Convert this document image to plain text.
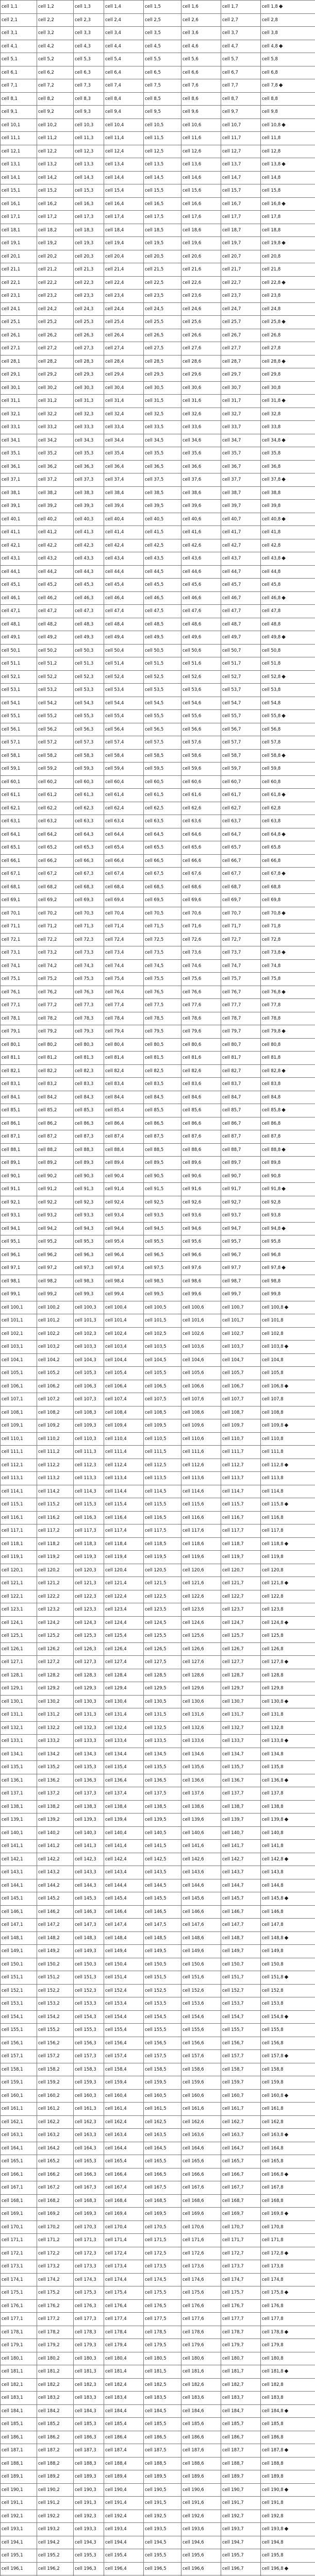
cell 1,1	cell 1,2	cell 1,3	cell 1,4	cell 1,5	cell 1,6	cell 1,7	cell 1,8 ◆
cell 2,1	cell 2,2	cell 2,3	cell 2,4	cell 2,5	cell 2,6	cell 2,7	cell 2,8
cell 3,1	cell 3,2	cell 3,3	cell 3,4	cell 3,5	cell 3,6	cell 3,7	cell 3,8
cell 4,1	cell 4,2	cell 4,3	cell 4,4	cell 4,5	cell 4,6	cell 4,7	cell 4,8 ◆
cell 5,1	cell 5,2	cell 5,3	cell 5,4	cell 5,5	cell 5,6	cell 5,7	cell 5,8
cell 6,1	cell 6,2	cell 6,3	cell 6,4	cell 6,5	cell 6,6	cell 6,7	cell 6,8
cell 7,1	cell 7,2	cell 7,3	cell 7,4	cell 7,5	cell 7,6	cell 7,7	cell 7,8 ◆
cell 8,1	cell 8,2	cell 8,3	cell 8,4	cell 8,5	cell 8,6	cell 8,7	cell 8,8
cell 9,1	cell 9,2	cell 9,3	cell 9,4	cell 9,5	cell 9,6	cell 9,7	cell 9,8
cell 10,1	cell 10,2	cell 10,3	cell 10,4	cell 10,5	cell 10,6	cell 10,7	cell 10,8 ◆
cell 11,1	cell 11,2	cell 11,3	cell 11,4	cell 11,5	cell 11,6	cell 11,7	cell 11,8
cell 12,1	cell 12,2	cell 12,3	cell 12,4	cell 12,5	cell 12,6	cell 12,7	cell 12,8
cell 13,1	cell 13,2	cell 13,3	cell 13,4	cell 13,5	cell 13,6	cell 13,7	cell 13,8 ◆
cell 14,1	cell 14,2	cell 14,3	cell 14,4	cell 14,5	cell 14,6	cell 14,7	cell 14,8
cell 15,1	cell 15,2	cell 15,3	cell 15,4	cell 15,5	cell 15,6	cell 15,7	cell 15,8
cell 16,1	cell 16,2	cell 16,3	cell 16,4	cell 16,5	cell 16,6	cell 16,7	cell 16,8 ◆
cell 17,1	cell 17,2	cell 17,3	cell 17,4	cell 17,5	cell 17,6	cell 17,7	cell 17,8
cell 18,1	cell 18,2	cell 18,3	cell 18,4	cell 18,5	cell 18,6	cell 18,7	cell 18,8
cell 19,1	cell 19,2	cell 19,3	cell 19,4	cell 19,5	cell 19,6	cell 19,7	cell 19,8 ◆
cell 20,1	cell 20,2	cell 20,3	cell 20,4	cell 20,5	cell 20,6	cell 20,7	cell 20,8
cell 21,1	cell 21,2	cell 21,3	cell 21,4	cell 21,5	cell 21,6	cell 21,7	cell 21,8
cell 22,1	cell 22,2	cell 22,3	cell 22,4	cell 22,5	cell 22,6	cell 22,7	cell 22,8 ◆
cell 23,1	cell 23,2	cell 23,3	cell 23,4	cell 23,5	cell 23,6	cell 23,7	cell 23,8
cell 24,1	cell 24,2	cell 24,3	cell 24,4	cell 24,5	cell 24,6	cell 24,7	cell 24,8
cell 25,1	cell 25,2	cell 25,3	cell 25,4	cell 25,5	cell 25,6	cell 25,7	cell 25,8 ◆
cell 26,1	cell 26,2	cell 26,3	cell 26,4	cell 26,5	cell 26,6	cell 26,7	cell 26,8
cell 27,1	cell 27,2	cell 27,3	cell 27,4	cell 27,5	cell 27,6	cell 27,7	cell 27,8
cell 28,1	cell 28,2	cell 28,3	cell 28,4	cell 28,5	cell 28,6	cell 28,7	cell 28,8 ◆
cell 29,1	cell 29,2	cell 29,3	cell 29,4	cell 29,5	cell 29,6	cell 29,7	cell 29,8
cell 30,1	cell 30,2	cell 30,3	cell 30,4	cell 30,5	cell 30,6	cell 30,7	cell 30,8
cell 31,1	cell 31,2	cell 31,3	cell 31,4	cell 31,5	cell 31,6	cell 31,7	cell 31,8 ◆
cell 32,1	cell 32,2	cell 32,3	cell 32,4	cell 32,5	cell 32,6	cell 32,7	cell 32,8
cell 33,1	cell 33,2	cell 33,3	cell 33,4	cell 33,5	cell 33,6	cell 33,7	cell 33,8
cell 34,1	cell 34,2	cell 34,3	cell 34,4	cell 34,5	cell 34,6	cell 34,7	cell 34,8 ◆
cell 35,1	cell 35,2	cell 35,3	cell 35,4	cell 35,5	cell 35,6	cell 35,7	cell 35,8
cell 36,1	cell 36,2	cell 36,3	cell 36,4	cell 36,5	cell 36,6	cell 36,7	cell 36,8
cell 37,1	cell 37,2	cell 37,3	cell 37,4	cell 37,5	cell 37,6	cell 37,7	cell 37,8 ◆
cell 38,1	cell 38,2	cell 38,3	cell 38,4	cell 38,5	cell 38,6	cell 38,7	cell 38,8
cell 39,1	cell 39,2	cell 39,3	cell 39,4	cell 39,5	cell 39,6	cell 39,7	cell 39,8
cell 40,1	cell 40,2	cell 40,3	cell 40,4	cell 40,5	cell 40,6	cell 40,7	cell 40,8 ◆
cell 41,1	cell 41,2	cell 41,3	cell 41,4	cell 41,5	cell 41,6	cell 41,7	cell 41,8
cell 42,1	cell 42,2	cell 42,3	cell 42,4	cell 42,5	cell 42,6	cell 42,7	cell 42,8
cell 43,1	cell 43,2	cell 43,3	cell 43,4	cell 43,5	cell 43,6	cell 43,7	cell 43,8 ◆
cell 44,1	cell 44,2	cell 44,3	cell 44,4	cell 44,5	cell 44,6	cell 44,7	cell 44,8
cell 45,1	cell 45,2	cell 45,3	cell 45,4	cell 45,5	cell 45,6	cell 45,7	cell 45,8
cell 46,1	cell 46,2	cell 46,3	cell 46,4	cell 46,5	cell 46,6	cell 46,7	cell 46,8 ◆
cell 47,1	cell 47,2	cell 47,3	cell 47,4	cell 47,5	cell 47,6	cell 47,7	cell 47,8
cell 48,1	cell 48,2	cell 48,3	cell 48,4	cell 48,5	cell 48,6	cell 48,7	cell 48,8
cell 49,1	cell 49,2	cell 49,3	cell 49,4	cell 49,5	cell 49,6	cell 49,7	cell 49,8 ◆
cell 50,1	cell 50,2	cell 50,3	cell 50,4	cell 50,5	cell 50,6	cell 50,7	cell 50,8
cell 51,1	cell 51,2	cell 51,3	cell 51,4	cell 51,5	cell 51,6	cell 51,7	cell 51,8
cell 52,1	cell 52,2	cell 52,3	cell 52,4	cell 52,5	cell 52,6	cell 52,7	cell 52,8 ◆
cell 53,1	cell 53,2	cell 53,3	cell 53,4	cell 53,5	cell 53,6	cell 53,7	cell 53,8
cell 54,1	cell 54,2	cell 54,3	cell 54,4	cell 54,5	cell 54,6	cell 54,7	cell 54,8
cell 55,1	cell 55,2	cell 55,3	cell 55,4	cell 55,5	cell 55,6	cell 55,7	cell 55,8 ◆
cell 56,1	cell 56,2	cell 56,3	cell 56,4	cell 56,5	cell 56,6	cell 56,7	cell 56,8
cell 57,1	cell 57,2	cell 57,3	cell 57,4	cell 57,5	cell 57,6	cell 57,7	cell 57,8
cell 58,1	cell 58,2	cell 58,3	cell 58,4	cell 58,5	cell 58,6	cell 58,7	cell 58,8 ◆
cell 59,1	cell 59,2	cell 59,3	cell 59,4	cell 59,5	cell 59,6	cell 59,7	cell 59,8
cell 60,1	cell 60,2	cell 60,3	cell 60,4	cell 60,5	cell 60,6	cell 60,7	cell 60,8
cell 61,1	cell 61,2	cell 61,3	cell 61,4	cell 61,5	cell 61,6	cell 61,7	cell 61,8 ◆
cell 62,1	cell 62,2	cell 62,3	cell 62,4	cell 62,5	cell 62,6	cell 62,7	cell 62,8
cell 63,1	cell 63,2	cell 63,3	cell 63,4	cell 63,5	cell 63,6	cell 63,7	cell 63,8
cell 64,1	cell 64,2	cell 64,3	cell 64,4	cell 64,5	cell 64,6	cell 64,7	cell 64,8 ◆
cell 65,1	cell 65,2	cell 65,3	cell 65,4	cell 65,5	cell 65,6	cell 65,7	cell 65,8
cell 66,1	cell 66,2	cell 66,3	cell 66,4	cell 66,5	cell 66,6	cell 66,7	cell 66,8
cell 67,1	cell 67,2	cell 67,3	cell 67,4	cell 67,5	cell 67,6	cell 67,7	cell 67,8 ◆
cell 68,1	cell 68,2	cell 68,3	cell 68,4	cell 68,5	cell 68,6	cell 68,7	cell 68,8
cell 69,1	cell 69,2	cell 69,3	cell 69,4	cell 69,5	cell 69,6	cell 69,7	cell 69,8
cell 70,1	cell 70,2	cell 70,3	cell 70,4	cell 70,5	cell 70,6	cell 70,7	cell 70,8 ◆
cell 71,1	cell 71,2	cell 71,3	cell 71,4	cell 71,5	cell 71,6	cell 71,7	cell 71,8
cell 72,1	cell 72,2	cell 72,3	cell 72,4	cell 72,5	cell 72,6	cell 72,7	cell 72,8
cell 73,1	cell 73,2	cell 73,3	cell 73,4	cell 73,5	cell 73,6	cell 73,7	cell 73,8 ◆
cell 74,1	cell 74,2	cell 74,3	cell 74,4	cell 74,5	cell 74,6	cell 74,7	cell 74,8
cell 75,1	cell 75,2	cell 75,3	cell 75,4	cell 75,5	cell 75,6	cell 75,7	cell 75,8
cell 76,1	cell 76,2	cell 76,3	cell 76,4	cell 76,5	cell 76,6	cell 76,7	cell 76,8 ◆
cell 77,1	cell 77,2	cell 77,3	cell 77,4	cell 77,5	cell 77,6	cell 77,7	cell 77,8
cell 78,1	cell 78,2	cell 78,3	cell 78,4	cell 78,5	cell 78,6	cell 78,7	cell 78,8
cell 79,1	cell 79,2	cell 79,3	cell 79,4	cell 79,5	cell 79,6	cell 79,7	cell 79,8 ◆
cell 80,1	cell 80,2	cell 80,3	cell 80,4	cell 80,5	cell 80,6	cell 80,7	cell 80,8
cell 81,1	cell 81,2	cell 81,3	cell 81,4	cell 81,5	cell 81,6	cell 81,7	cell 81,8
cell 82,1	cell 82,2	cell 82,3	cell 82,4	cell 82,5	cell 82,6	cell 82,7	cell 82,8 ◆
cell 83,1	cell 83,2	cell 83,3	cell 83,4	cell 83,5	cell 83,6	cell 83,7	cell 83,8
cell 84,1	cell 84,2	cell 84,3	cell 84,4	cell 84,5	cell 84,6	cell 84,7	cell 84,8
cell 85,1	cell 85,2	cell 85,3	cell 85,4	cell 85,5	cell 85,6	cell 85,7	cell 85,8 ◆
cell 86,1	cell 86,2	cell 86,3	cell 86,4	cell 86,5	cell 86,6	cell 86,7	cell 86,8
cell 87,1	cell 87,2	cell 87,3	cell 87,4	cell 87,5	cell 87,6	cell 87,7	cell 87,8
cell 88,1	cell 88,2	cell 88,3	cell 88,4	cell 88,5	cell 88,6	cell 88,7	cell 88,8 ◆
cell 89,1	cell 89,2	cell 89,3	cell 89,4	cell 89,5	cell 89,6	cell 89,7	cell 89,8
cell 90,1	cell 90,2	cell 90,3	cell 90,4	cell 90,5	cell 90,6	cell 90,7	cell 90,8
cell 91,1	cell 91,2	cell 91,3	cell 91,4	cell 91,5	cell 91,6	cell 91,7	cell 91,8 ◆
cell 92,1	cell 92,2	cell 92,3	cell 92,4	cell 92,5	cell 92,6	cell 92,7	cell 92,8
cell 93,1	cell 93,2	cell 93,3	cell 93,4	cell 93,5	cell 93,6	cell 93,7	cell 93,8
cell 94,1	cell 94,2	cell 94,3	cell 94,4	cell 94,5	cell 94,6	cell 94,7	cell 94,8 ◆
cell 95,1	cell 95,2	cell 95,3	cell 95,4	cell 95,5	cell 95,6	cell 95,7	cell 95,8
cell 96,1	cell 96,2	cell 96,3	cell 96,4	cell 96,5	cell 96,6	cell 96,7	cell 96,8
cell 97,1	cell 97,2	cell 97,3	cell 97,4	cell 97,5	cell 97,6	cell 97,7	cell 97,8 ◆
cell 98,1	cell 98,2	cell 98,3	cell 98,4	cell 98,5	cell 98,6	cell 98,7	cell 98,8
cell 99,1	cell 99,2	cell 99,3	cell 99,4	cell 99,5	cell 99,6	cell 99,7	cell 99,8
cell 100,1	cell 100,2	cell 100,3	cell 100,4	cell 100,5	cell 100,6	cell 100,7	cell 100,8 ◆
cell 101,1	cell 101,2	cell 101,3	cell 101,4	cell 101,5	cell 101,6	cell 101,7	cell 101,8
cell 102,1	cell 102,2	cell 102,3	cell 102,4	cell 102,5	cell 102,6	cell 102,7	cell 102,8
cell 103,1	cell 103,2	cell 103,3	cell 103,4	cell 103,5	cell 103,6	cell 103,7	cell 103,8 ◆
cell 104,1	cell 104,2	cell 104,3	cell 104,4	cell 104,5	cell 104,6	cell 104,7	cell 104,8
cell 105,1	cell 105,2	cell 105,3	cell 105,4	cell 105,5	cell 105,6	cell 105,7	cell 105,8
cell 106,1	cell 106,2	cell 106,3	cell 106,4	cell 106,5	cell 106,6	cell 106,7	cell 106,8 ◆
cell 107,1	cell 107,2	cell 107,3	cell 107,4	cell 107,5	cell 107,6	cell 107,7	cell 107,8
cell 108,1	cell 108,2	cell 108,3	cell 108,4	cell 108,5	cell 108,6	cell 108,7	cell 108,8
cell 109,1	cell 109,2	cell 109,3	cell 109,4	cell 109,5	cell 109,6	cell 109,7	cell 109,8 ◆
cell 110,1	cell 110,2	cell 110,3	cell 110,4	cell 110,5	cell 110,6	cell 110,7	cell 110,8
cell 111,1	cell 111,2	cell 111,3	cell 111,4	cell 111,5	cell 111,6	cell 111,7	cell 111,8
cell 112,1	cell 112,2	cell 112,3	cell 112,4	cell 112,5	cell 112,6	cell 112,7	cell 112,8 ◆
cell 113,1	cell 113,2	cell 113,3	cell 113,4	cell 113,5	cell 113,6	cell 113,7	cell 113,8
cell 114,1	cell 114,2	cell 114,3	cell 114,4	cell 114,5	cell 114,6	cell 114,7	cell 114,8
cell 115,1	cell 115,2	cell 115,3	cell 115,4	cell 115,5	cell 115,6	cell 115,7	cell 115,8 ◆
cell 116,1	cell 116,2	cell 116,3	cell 116,4	cell 116,5	cell 116,6	cell 116,7	cell 116,8
cell 117,1	cell 117,2	cell 117,3	cell 117,4	cell 117,5	cell 117,6	cell 117,7	cell 117,8
cell 118,1	cell 118,2	cell 118,3	cell 118,4	cell 118,5	cell 118,6	cell 118,7	cell 118,8 ◆
cell 119,1	cell 119,2	cell 119,3	cell 119,4	cell 119,5	cell 119,6	cell 119,7	cell 119,8
cell 120,1	cell 120,2	cell 120,3	cell 120,4	cell 120,5	cell 120,6	cell 120,7	cell 120,8
cell 121,1	cell 121,2	cell 121,3	cell 121,4	cell 121,5	cell 121,6	cell 121,7	cell 121,8 ◆
cell 122,1	cell 122,2	cell 122,3	cell 122,4	cell 122,5	cell 122,6	cell 122,7	cell 122,8
cell 123,1	cell 123,2	cell 123,3	cell 123,4	cell 123,5	cell 123,6	cell 123,7	cell 123,8
cell 124,1	cell 124,2	cell 124,3	cell 124,4	cell 124,5	cell 124,6	cell 124,7	cell 124,8 ◆
cell 125,1	cell 125,2	cell 125,3	cell 125,4	cell 125,5	cell 125,6	cell 125,7	cell 125,8
cell 126,1	cell 126,2	cell 126,3	cell 126,4	cell 126,5	cell 126,6	cell 126,7	cell 126,8
cell 127,1	cell 127,2	cell 127,3	cell 127,4	cell 127,5	cell 127,6	cell 127,7	cell 127,8 ◆
cell 128,1	cell 128,2	cell 128,3	cell 128,4	cell 128,5	cell 128,6	cell 128,7	cell 128,8
cell 129,1	cell 129,2	cell 129,3	cell 129,4	cell 129,5	cell 129,6	cell 129,7	cell 129,8
cell 130,1	cell 130,2	cell 130,3	cell 130,4	cell 130,5	cell 130,6	cell 130,7	cell 130,8 ◆
cell 131,1	cell 131,2	cell 131,3	cell 131,4	cell 131,5	cell 131,6	cell 131,7	cell 131,8
cell 132,1	cell 132,2	cell 132,3	cell 132,4	cell 132,5	cell 132,6	cell 132,7	cell 132,8
cell 133,1	cell 133,2	cell 133,3	cell 133,4	cell 133,5	cell 133,6	cell 133,7	cell 133,8 ◆
cell 134,1	cell 134,2	cell 134,3	cell 134,4	cell 134,5	cell 134,6	cell 134,7	cell 134,8
cell 135,1	cell 135,2	cell 135,3	cell 135,4	cell 135,5	cell 135,6	cell 135,7	cell 135,8
cell 136,1	cell 136,2	cell 136,3	cell 136,4	cell 136,5	cell 136,6	cell 136,7	cell 136,8 ◆
cell 137,1	cell 137,2	cell 137,3	cell 137,4	cell 137,5	cell 137,6	cell 137,7	cell 137,8
cell 138,1	cell 138,2	cell 138,3	cell 138,4	cell 138,5	cell 138,6	cell 138,7	cell 138,8
cell 139,1	cell 139,2	cell 139,3	cell 139,4	cell 139,5	cell 139,6	cell 139,7	cell 139,8 ◆
cell 140,1	cell 140,2	cell 140,3	cell 140,4	cell 140,5	cell 140,6	cell 140,7	cell 140,8
cell 141,1	cell 141,2	cell 141,3	cell 141,4	cell 141,5	cell 141,6	cell 141,7	cell 141,8
cell 142,1	cell 142,2	cell 142,3	cell 142,4	cell 142,5	cell 142,6	cell 142,7	cell 142,8 ◆
cell 143,1	cell 143,2	cell 143,3	cell 143,4	cell 143,5	cell 143,6	cell 143,7	cell 143,8
cell 144,1	cell 144,2	cell 144,3	cell 144,4	cell 144,5	cell 144,6	cell 144,7	cell 144,8
cell 145,1	cell 145,2	cell 145,3	cell 145,4	cell 145,5	cell 145,6	cell 145,7	cell 145,8 ◆
cell 146,1	cell 146,2	cell 146,3	cell 146,4	cell 146,5	cell 146,6	cell 146,7	cell 146,8
cell 147,1	cell 147,2	cell 147,3	cell 147,4	cell 147,5	cell 147,6	cell 147,7	cell 147,8
cell 148,1	cell 148,2	cell 148,3	cell 148,4	cell 148,5	cell 148,6	cell 148,7	cell 148,8 ◆
cell 149,1	cell 149,2	cell 149,3	cell 149,4	cell 149,5	cell 149,6	cell 149,7	cell 149,8
cell 150,1	cell 150,2	cell 150,3	cell 150,4	cell 150,5	cell 150,6	cell 150,7	cell 150,8
cell 151,1	cell 151,2	cell 151,3	cell 151,4	cell 151,5	cell 151,6	cell 151,7	cell 151,8 ◆
cell 152,1	cell 152,2	cell 152,3	cell 152,4	cell 152,5	cell 152,6	cell 152,7	cell 152,8
cell 153,1	cell 153,2	cell 153,3	cell 153,4	cell 153,5	cell 153,6	cell 153,7	cell 153,8
cell 154,1	cell 154,2	cell 154,3	cell 154,4	cell 154,5	cell 154,6	cell 154,7	cell 154,8 ◆
cell 155,1	cell 155,2	cell 155,3	cell 155,4	cell 155,5	cell 155,6	cell 155,7	cell 155,8
cell 156,1	cell 156,2	cell 156,3	cell 156,4	cell 156,5	cell 156,6	cell 156,7	cell 156,8
cell 157,1	cell 157,2	cell 157,3	cell 157,4	cell 157,5	cell 157,6	cell 157,7	cell 157,8 ◆
cell 158,1	cell 158,2	cell 158,3	cell 158,4	cell 158,5	cell 158,6	cell 158,7	cell 158,8
cell 159,1	cell 159,2	cell 159,3	cell 159,4	cell 159,5	cell 159,6	cell 159,7	cell 159,8
cell 160,1	cell 160,2	cell 160,3	cell 160,4	cell 160,5	cell 160,6	cell 160,7	cell 160,8 ◆
cell 161,1	cell 161,2	cell 161,3	cell 161,4	cell 161,5	cell 161,6	cell 161,7	cell 161,8
cell 162,1	cell 162,2	cell 162,3	cell 162,4	cell 162,5	cell 162,6	cell 162,7	cell 162,8
cell 163,1	cell 163,2	cell 163,3	cell 163,4	cell 163,5	cell 163,6	cell 163,7	cell 163,8 ◆
cell 164,1	cell 164,2	cell 164,3	cell 164,4	cell 164,5	cell 164,6	cell 164,7	cell 164,8
cell 165,1	cell 165,2	cell 165,3	cell 165,4	cell 165,5	cell 165,6	cell 165,7	cell 165,8
cell 166,1	cell 166,2	cell 166,3	cell 166,4	cell 166,5	cell 166,6	cell 166,7	cell 166,8 ◆
cell 167,1	cell 167,2	cell 167,3	cell 167,4	cell 167,5	cell 167,6	cell 167,7	cell 167,8
cell 168,1	cell 168,2	cell 168,3	cell 168,4	cell 168,5	cell 168,6	cell 168,7	cell 168,8
cell 169,1	cell 169,2	cell 169,3	cell 169,4	cell 169,5	cell 169,6	cell 169,7	cell 169,8 ◆
cell 170,1	cell 170,2	cell 170,3	cell 170,4	cell 170,5	cell 170,6	cell 170,7	cell 170,8
cell 171,1	cell 171,2	cell 171,3	cell 171,4	cell 171,5	cell 171,6	cell 171,7	cell 171,8
cell 172,1	cell 172,2	cell 172,3	cell 172,4	cell 172,5	cell 172,6	cell 172,7	cell 172,8 ◆
cell 173,1	cell 173,2	cell 173,3	cell 173,4	cell 173,5	cell 173,6	cell 173,7	cell 173,8
cell 174,1	cell 174,2	cell 174,3	cell 174,4	cell 174,5	cell 174,6	cell 174,7	cell 174,8
cell 175,1	cell 175,2	cell 175,3	cell 175,4	cell 175,5	cell 175,6	cell 175,7	cell 175,8 ◆
cell 176,1	cell 176,2	cell 176,3	cell 176,4	cell 176,5	cell 176,6	cell 176,7	cell 176,8
cell 177,1	cell 177,2	cell 177,3	cell 177,4	cell 177,5	cell 177,6	cell 177,7	cell 177,8
cell 178,1	cell 178,2	cell 178,3	cell 178,4	cell 178,5	cell 178,6	cell 178,7	cell 178,8 ◆
cell 179,1	cell 179,2	cell 179,3	cell 179,4	cell 179,5	cell 179,6	cell 179,7	cell 179,8
cell 180,1	cell 180,2	cell 180,3	cell 180,4	cell 180,5	cell 180,6	cell 180,7	cell 180,8
cell 181,1	cell 181,2	cell 181,3	cell 181,4	cell 181,5	cell 181,6	cell 181,7	cell 181,8 ◆
cell 182,1	cell 182,2	cell 182,3	cell 182,4	cell 182,5	cell 182,6	cell 182,7	cell 182,8
cell 183,1	cell 183,2	cell 183,3	cell 183,4	cell 183,5	cell 183,6	cell 183,7	cell 183,8
cell 184,1	cell 184,2	cell 184,3	cell 184,4	cell 184,5	cell 184,6	cell 184,7	cell 184,8 ◆
cell 185,1	cell 185,2	cell 185,3	cell 185,4	cell 185,5	cell 185,6	cell 185,7	cell 185,8
cell 186,1	cell 186,2	cell 186,3	cell 186,4	cell 186,5	cell 186,6	cell 186,7	cell 186,8
cell 187,1	cell 187,2	cell 187,3	cell 187,4	cell 187,5	cell 187,6	cell 187,7	cell 187,8 ◆
cell 188,1	cell 188,2	cell 188,3	cell 188,4	cell 188,5	cell 188,6	cell 188,7	cell 188,8
cell 189,1	cell 189,2	cell 189,3	cell 189,4	cell 189,5	cell 189,6	cell 189,7	cell 189,8
cell 190,1	cell 190,2	cell 190,3	cell 190,4	cell 190,5	cell 190,6	cell 190,7	cell 190,8 ◆
cell 191,1	cell 191,2	cell 191,3	cell 191,4	cell 191,5	cell 191,6	cell 191,7	cell 191,8
cell 192,1	cell 192,2	cell 192,3	cell 192,4	cell 192,5	cell 192,6	cell 192,7	cell 192,8
cell 193,1	cell 193,2	cell 193,3	cell 193,4	cell 193,5	cell 193,6	cell 193,7	cell 193,8 ◆
cell 194,1	cell 194,2	cell 194,3	cell 194,4	cell 194,5	cell 194,6	cell 194,7	cell 194,8
cell 195,1	cell 195,2	cell 195,3	cell 195,4	cell 195,5	cell 195,6	cell 195,7	cell 195,8
cell 196,1	cell 196,2	cell 196,3	cell 196,4	cell 196,5	cell 196,6	cell 196,7	cell 196,8 ◆
